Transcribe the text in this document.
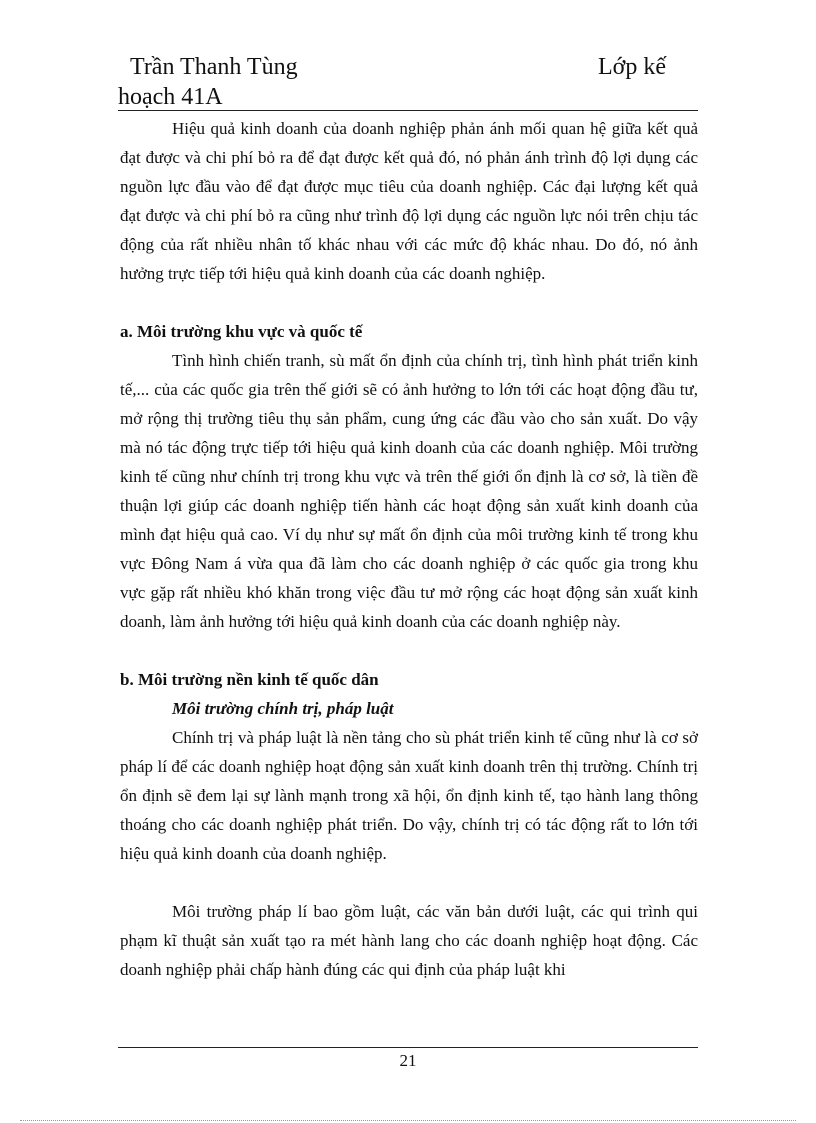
Trần Thanh Tùng
hoạch 41A
Lớp kế

Hiệu quả kinh doanh của doanh nghiệp phản ánh mối quan hệ giữa kết quả đạt được và chi phí bỏ ra để đạt được kết quả đó, nó phản ánh trình độ lợi dụng các nguồn lực đầu vào để đạt được mục tiêu của doanh nghiệp. Các đại lượng kết quả đạt được và chi phí bỏ ra cũng như trình độ lợi dụng các nguồn lực nói trên chịu tác động của rất nhiều nhân tố khác nhau với các mức độ khác nhau. Do đó, nó ảnh hưởng trực tiếp tới hiệu quả kinh doanh của các doanh nghiệp.

a. Môi trường khu vực và quốc tế

Tình hình chiến tranh, sù mất ổn định của chính trị, tình hình phát triển kinh tế,... của các quốc gia trên thế giới sẽ có ảnh hưởng to lớn tới các hoạt động đầu tư, mở rộng thị trường tiêu thụ sản phẩm, cung ứng các đầu vào cho sản xuất. Do vậy mà nó tác động trực tiếp tới hiệu quả kinh doanh của các doanh nghiệp. Môi trường kinh tế cũng như chính trị trong khu vực và trên thế giới ổn định là cơ sở, là tiền đề thuận lợi giúp các doanh nghiệp tiến hành các hoạt động sản xuất kinh doanh của mình đạt hiệu quả cao. Ví dụ như sự mất ổn định của môi trường kinh tế trong khu vực Đông Nam á vừa qua đã làm cho các doanh nghiệp ở các quốc gia trong khu vực gặp rất nhiều khó khăn trong việc đầu tư mở rộng các hoạt động sản xuất kinh doanh, làm ảnh hưởng tới hiệu quả kinh doanh của các doanh nghiệp này.

b. Môi trường nền kinh tế quốc dân

Môi trường chính trị, pháp luật

Chính trị và pháp luật là nền tảng cho sù phát triển kinh tế cũng như là cơ sở pháp lí để các doanh nghiệp hoạt động sản xuất kinh doanh trên thị trường. Chính trị ổn định sẽ đem lại sự lành mạnh trong xã hội, ổn định kinh tế, tạo hành lang thông thoáng cho các doanh nghiệp phát triển. Do vậy, chính trị có tác động rất to lớn tới hiệu quả kinh doanh của doanh nghiệp.

Môi trường pháp lí bao gồm luật, các văn bản dưới luật, các qui trình qui phạm kĩ thuật sản xuất tạo ra mét hành lang cho các doanh nghiệp hoạt động. Các doanh nghiệp phải chấp hành đúng các qui định của pháp luật khi

21
